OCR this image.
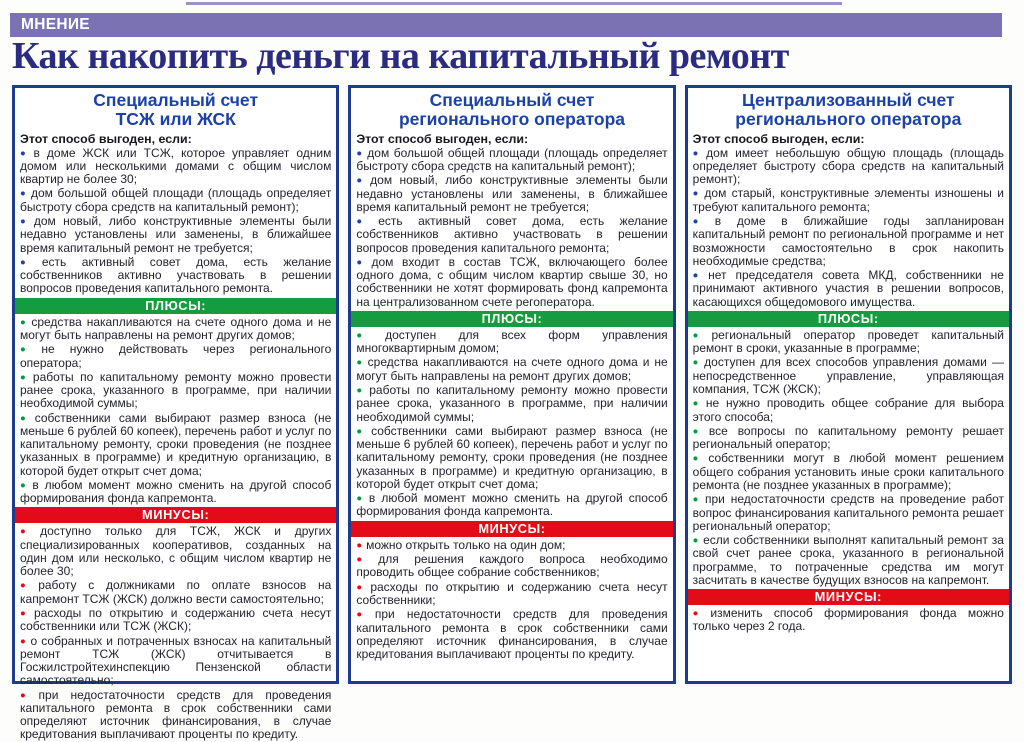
МНЕНИЕ
Как накопить деньги на капитальный ремонт
Специальный счет
ТСЖ или ЖСК
Этот способ выгоден, если:
● в доме ЖСК или ТСЖ, которое управляет одним домом или несколькими домами с общим числом квартир не более 30;
● дом большой общей площади (площадь определяет быстроту сбора средств на капитальный ремонт);
● дом новый, либо конструктивные элементы были недавно установлены или заменены, в ближайшее время капитальный ремонт не требуется;
● есть активный совет дома, есть желание собственников активно участвовать в решении вопросов проведения капитального ремонта.
ПЛЮСЫ:
● средства накапливаются на счете одного дома и не могут быть направлены на ремонт других домов;
● не нужно действовать через регионального оператора;
● работы по капитальному ремонту можно провести ранее срока, указанного в программе, при наличии необходимой суммы;
● собственники сами выбирают размер взноса (не меньше 6 рублей 60 копеек), перечень работ и услуг по капитальному ремонту, сроки проведения (не позднее указанных в программе) и кредитную организацию, в которой будет открыт счет дома;
● в любом момент можно сменить на другой способ формирования фонда капремонта.
МИНУСЫ:
● доступно только для ТСЖ, ЖСК и других специализированных кооперативов, созданных на один дом или несколько, с общим числом квартир не более 30;
● работу с должниками по оплате взносов на капремонт ТСЖ (ЖСК) должно вести самостоятельно;
● расходы по открытию и содержанию счета несут собственники или ТСЖ (ЖСК);
● о собранных и потраченных взносах на капитальный ремонт ТСЖ (ЖСК) отчитывается в Госжилстройтехинспекцию Пензенской области самостоятельно;
● при недостаточности средств для проведения капитального ремонта в срок собственники сами определяют источник финансирования, в случае кредитования выплачивают проценты по кредиту.
Специальный счет
регионального оператора
Этот способ выгоден, если:
● дом большой общей площади (площадь определяет быстроту сбора средств на капитальный ремонт);
● дом новый, либо конструктивные элементы были недавно установлены или заменены, в ближайшее время капитальный ремонт не требуется;
● есть активный совет дома, есть желание собственников активно участвовать в решении вопросов проведения капитального ремонта;
● дом входит в состав ТСЖ, включающего более одного дома, с общим числом квартир свыше 30, но собственники не хотят формировать фонд капремонта на централизованном счете регоператора.
ПЛЮСЫ:
● доступен для всех форм управления многоквартирным домом;
● средства накапливаются на счете одного дома и не могут быть направлены на ремонт других домов;
● работы по капитальному ремонту можно провести ранее срока, указанного в программе, при наличии необходимой суммы;
● собственники сами выбирают размер взноса (не меньше 6 рублей 60 копеек), перечень работ и услуг по капитальному ремонту, сроки проведения (не позднее указанных в программе) и кредитную организацию, в которой будет открыт счет дома;
● в любой момент можно сменить на другой способ формирования фонда капремонта.
МИНУСЫ:
● можно открыть только на один дом;
● для решения каждого вопроса необходимо проводить общее собрание собственников;
● расходы по открытию и содержанию счета несут собственники;
● при недостаточности средств для проведения капитального ремонта в срок собственники сами определяют источник финансирования, в случае кредитования выплачивают проценты по кредиту.
Централизованный счет
регионального оператора
Этот способ выгоден, если:
● дом имеет небольшую общую площадь (площадь определяет быстроту сбора средств на капитальный ремонт);
● дом старый, конструктивные элементы изношены и требуют капитального ремонта;
● в доме в ближайшие годы запланирован капитальный ремонт по региональной программе и нет возможности самостоятельно в срок накопить необходимые средства;
● нет председателя совета МКД, собственники не принимают активного участия в решении вопросов, касающихся общедомового имущества.
ПЛЮСЫ:
● региональный оператор проведет капитальный ремонт в сроки, указанные в программе;
● доступен для всех способов управления домами — непосредственное управление, управляющая компания, ТСЖ (ЖСК);
● не нужно проводить общее собрание для выбора этого способа;
● все вопросы по капитальному ремонту решает региональный оператор;
● собственники могут в любой момент решением общего собрания установить иные сроки капитального ремонта (не позднее указанных в программе);
● при недостаточности средств на проведение работ вопрос финансирования капитального ремонта решает региональный оператор;
● если собственники выполнят капитальный ремонт за свой счет ранее срока, указанного в региональной программе, то потраченные средства им могут засчитать в качестве будущих взносов на капремонт.
МИНУСЫ:
● изменить способ формирования фонда можно только через 2 года.
